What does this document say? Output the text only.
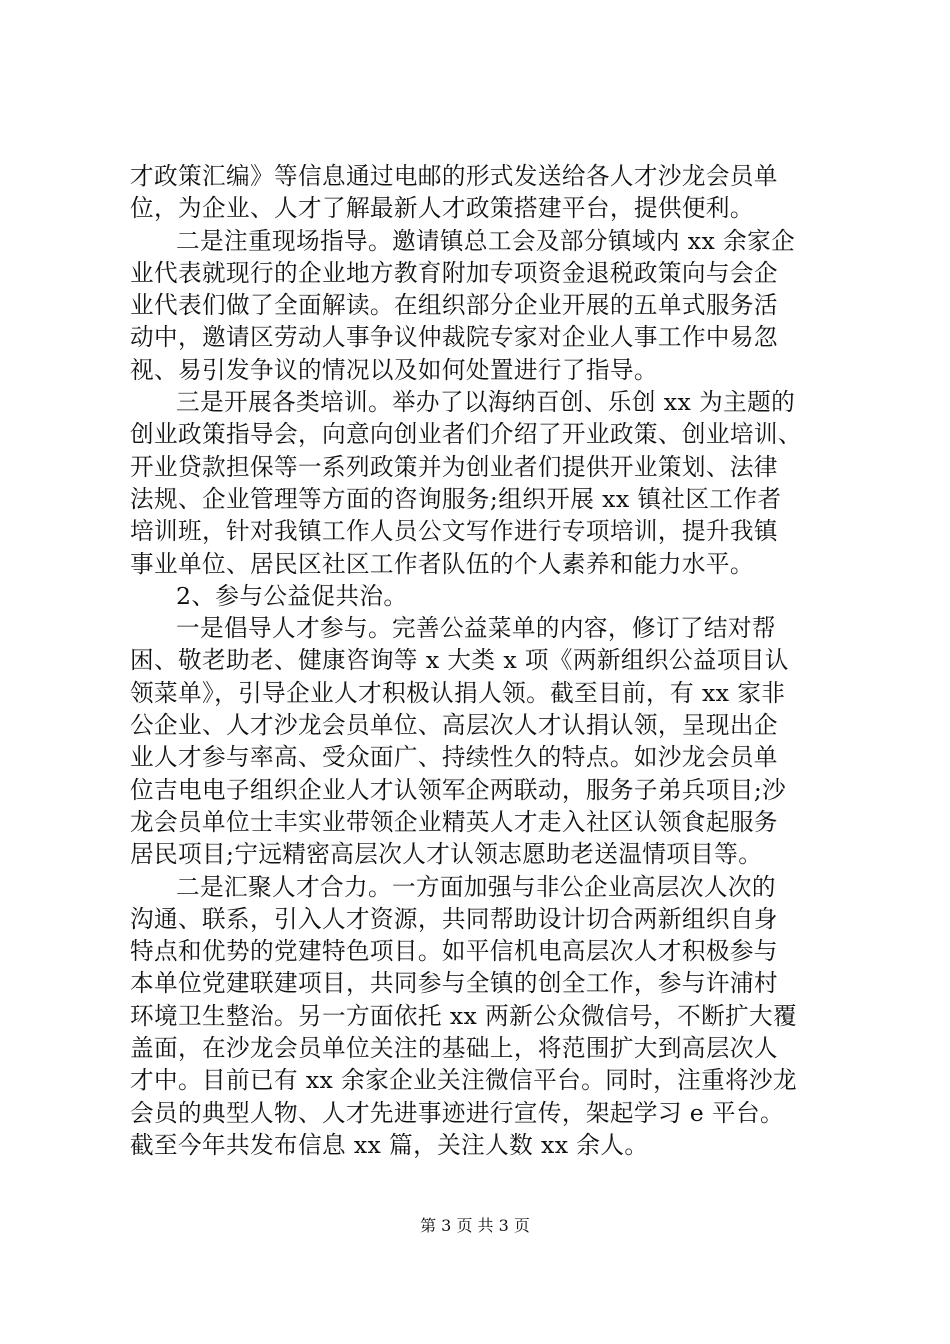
才政策汇编》等信息通过电邮的形式发送给各人才沙龙会员单
位，为企业、人才了解最新人才政策搭建平台，提供便利。
二是注重现场指导。邀请镇总工会及部分镇域内 xx 余家企
业代表就现行的企业地方教育附加专项资金退税政策向与会企
业代表们做了全面解读。在组织部分企业开展的五单式服务活
动中，邀请区劳动人事争议仲裁院专家对企业人事工作中易忽
视、易引发争议的情况以及如何处置进行了指导。
三是开展各类培训。举办了以海纳百创、乐创 xx 为主题的
创业政策指导会，向意向创业者们介绍了开业政策、创业培训、
开业贷款担保等一系列政策并为创业者们提供开业策划、法律
法规、企业管理等方面的咨询服务;组织开展 xx 镇社区工作者
培训班，针对我镇工作人员公文写作进行专项培训，提升我镇
事业单位、居民区社区工作者队伍的个人素养和能力水平。
2、参与公益促共治。
一是倡导人才参与。完善公益菜单的内容，修订了结对帮
困、敬老助老、健康咨询等 x 大类 x 项《两新组织公益项目认
领菜单》，引导企业人才积极认捐人领。截至目前，有 xx 家非
公企业、人才沙龙会员单位、高层次人才认捐认领，呈现出企
业人才参与率高、受众面广、持续性久的特点。如沙龙会员单
位吉电电子组织企业人才认领军企两联动，服务子弟兵项目;沙
龙会员单位士丰实业带领企业精英人才走入社区认领食起服务
居民项目;宁远精密高层次人才认领志愿助老送温情项目等。
二是汇聚人才合力。一方面加强与非公企业高层次人次的
沟通、联系，引入人才资源，共同帮助设计切合两新组织自身
特点和优势的党建特色项目。如平信机电高层次人才积极参与
本单位党建联建项目，共同参与全镇的创全工作，参与许浦村
环境卫生整治。另一方面依托 xx 两新公众微信号，不断扩大覆
盖面，在沙龙会员单位关注的基础上，将范围扩大到高层次人
才中。目前已有 xx 余家企业关注微信平台。同时，注重将沙龙
会员的典型人物、人才先进事迹进行宣传，架起学习 e 平台。
截至今年共发布信息 xx 篇，关注人数 xx 余人。
第 3 页 共 3 页
